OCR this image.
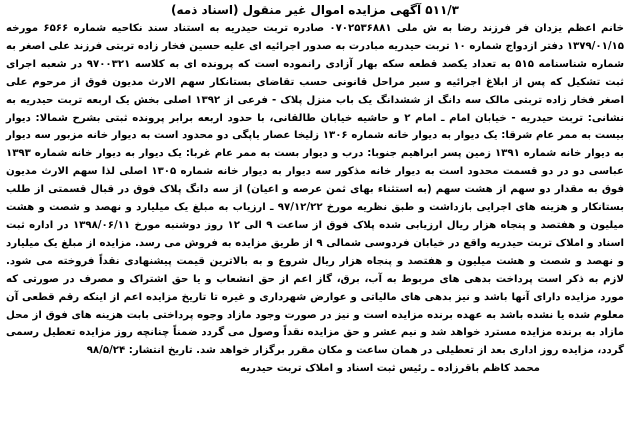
۵۱۱/۳ آگهی مزایده اموال غیر منقول (اسناد ذمه)

خانم اعظم یزدان فر فرزند رضا به ش ملی ۰۷۰۲۵۳۶۸۸۱ صادره تربت حیدریه به استناد سند نکاحیه شماره ۶۵۶۶ مورخه ۱۳۷۹/۰۱/۱۵ دفتر ازدواج شماره ۱۰ تربت حیدریه مبادرت به صدور اجرائیه ای علیه حسین فخار زاده تربتی فرزند علی اصغر به شماره شناسنامه ۵۱۵ به تعداد یکصد قطعه سکه بهار آزادی رانموده است که پرونده ای به کلاسه ۹۷۰۰۳۲۱ در شعبه اجرای ثبت تشکیل که پس از ابلاغ اجرائیه و سیر مراحل قانونی حسب تقاضای بستانکار سهم الارث مدیون فوق از مرحوم علی اصغر فخار زاده تربتی مالک سه دانگ از ششدانگ یک باب منزل پلاک - فرعی از ۱۳۹۲ اصلی بخش یک اربعه تربت حیدریه به نشانی: تربت حیدریه - خیابان امام ـ امام ۲ و حاشیه خیابان طالقانی، با حدود اربعه برابر پرونده ثبتی بشرح شمالا: دیوار بیست به ممر عام شرقا: یک دیوار به دیوار خانه شماره ۱۳۰۶ زلیخا عصار یاپگی دو محدود است به دیوار خانه مزبور سه دیوار به دیوار خانه شماره ۱۳۹۱ زمین پسر ابراهیم جنوبا: درب و دیوار بست به ممر عام غربا: یک دیوار به دیوار خانه شماره ۱۳۹۳ عباسی دو در دو قسمت محدود است به دیوار خانه مذکور سه دیوار به دیوار خانه شماره ۱۳۰۵ اصلی لذا سهم الارث مدیون فوق به مقدار دو سهم از هشت سهم (به استثناء بهای ثمن عرصه و اعیان) از سه دانگ پلاک فوق در قبال قسمتی از طلب بستانکار و هزینه های اجرایی بازداشت و طبق نظریه مورخ ۹۷/۱۲/۲۲ ـ ارزیاب به مبلغ یک میلیارد و نهصد و شصت و هشت میلیون و هفتصد و پنجاه هزار ریال ارزیابی شده پلاک فوق از ساعت ۹ الی ۱۲ روز دوشنبه مورخ ۱۳۹۸/۰۶/۱۱ در اداره ثبت اسناد و املاک تربت حیدریه واقع در خیابان فردوسی شمالی ۹ از طریق مزایده به فروش می رسد. مزایده از مبلغ یک میلیارد و نهصد و شصت و هشت میلیون و هفتصد و پنجاه هزار ریال شروع و به بالاترین قیمت پیشنهادی نقداً فروخته می شود. لازم به ذکر است پرداخت بدهی های مربوط به آب، برق، گاز اعم از حق انشعاب و یا حق اشتراک و مصرف در صورتی که مورد مزایده دارای آنها باشد و نیز بدهی های مالیاتی و عوارض شهرداری و غیره تا تاریخ مزایده اعم از اینکه رقم قطعی آن معلوم شده یا نشده باشد به عهده برنده مزایده است و نیز در صورت وجود مازاد وجوه پرداختی بابت هزینه های فوق از محل مازاد به برنده مزایده مسترد خواهد شد و نیم عشر و حق مزایده نقداً وصول می گردد ضمناً چنانچه روز مزایده تعطیل رسمی گردد، مزایده روز اداری بعد از تعطیلی در همان ساعت و مکان مقرر برگزار خواهد شد. تاریخ انتشار: ۹۸/۵/۲۴

محمد کاظم باقرزاده ـ رئیس ثبت اسناد و املاک تربت حیدریه
